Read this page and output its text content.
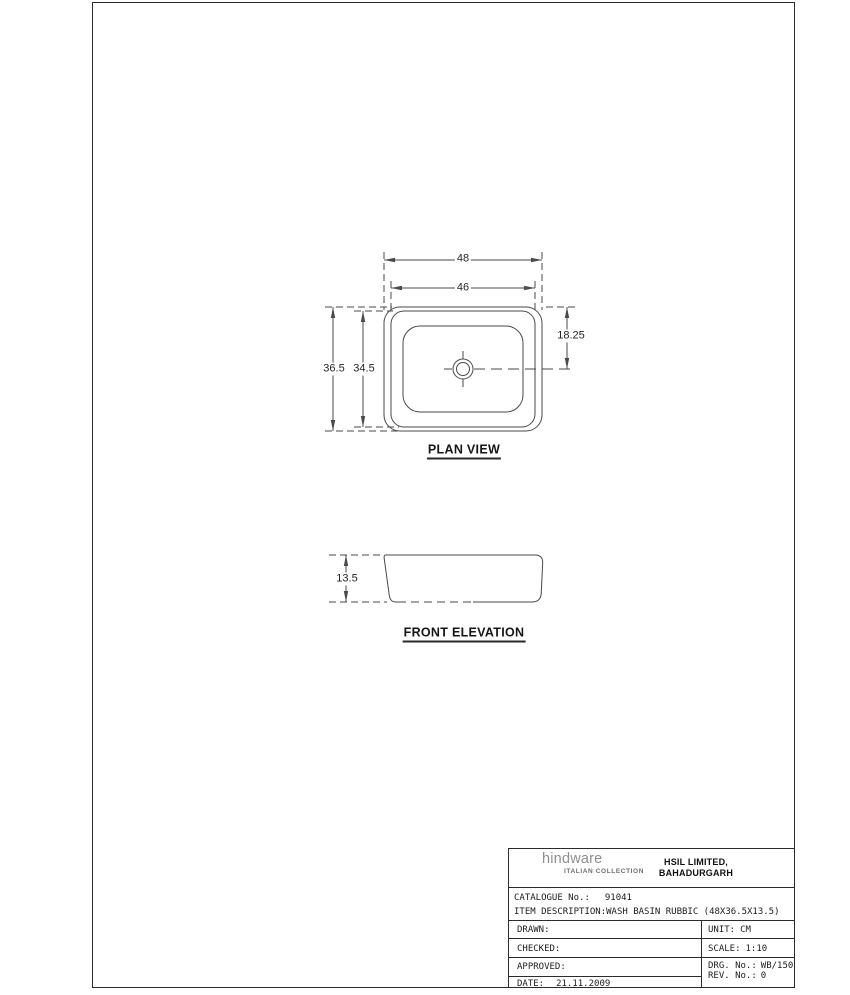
48
46
36.5 34.5
18.25
13.5
PLAN VIEW
FRONT ELEVATION
hindware
ITALIAN COLLECTION
HSIL LIMITED,
BAHADURGARH
CATALOGUE No.: 91041
ITEM DESCRIPTION:WASH BASIN RUBBIC (48X36.5X13.5)
DRAWN:
CHECKED:
APPROVED:
DATE: 21.11.2009
UNIT: CM
SCALE: 1:10
DRG. No.: WB/150
REV. No.: 0
